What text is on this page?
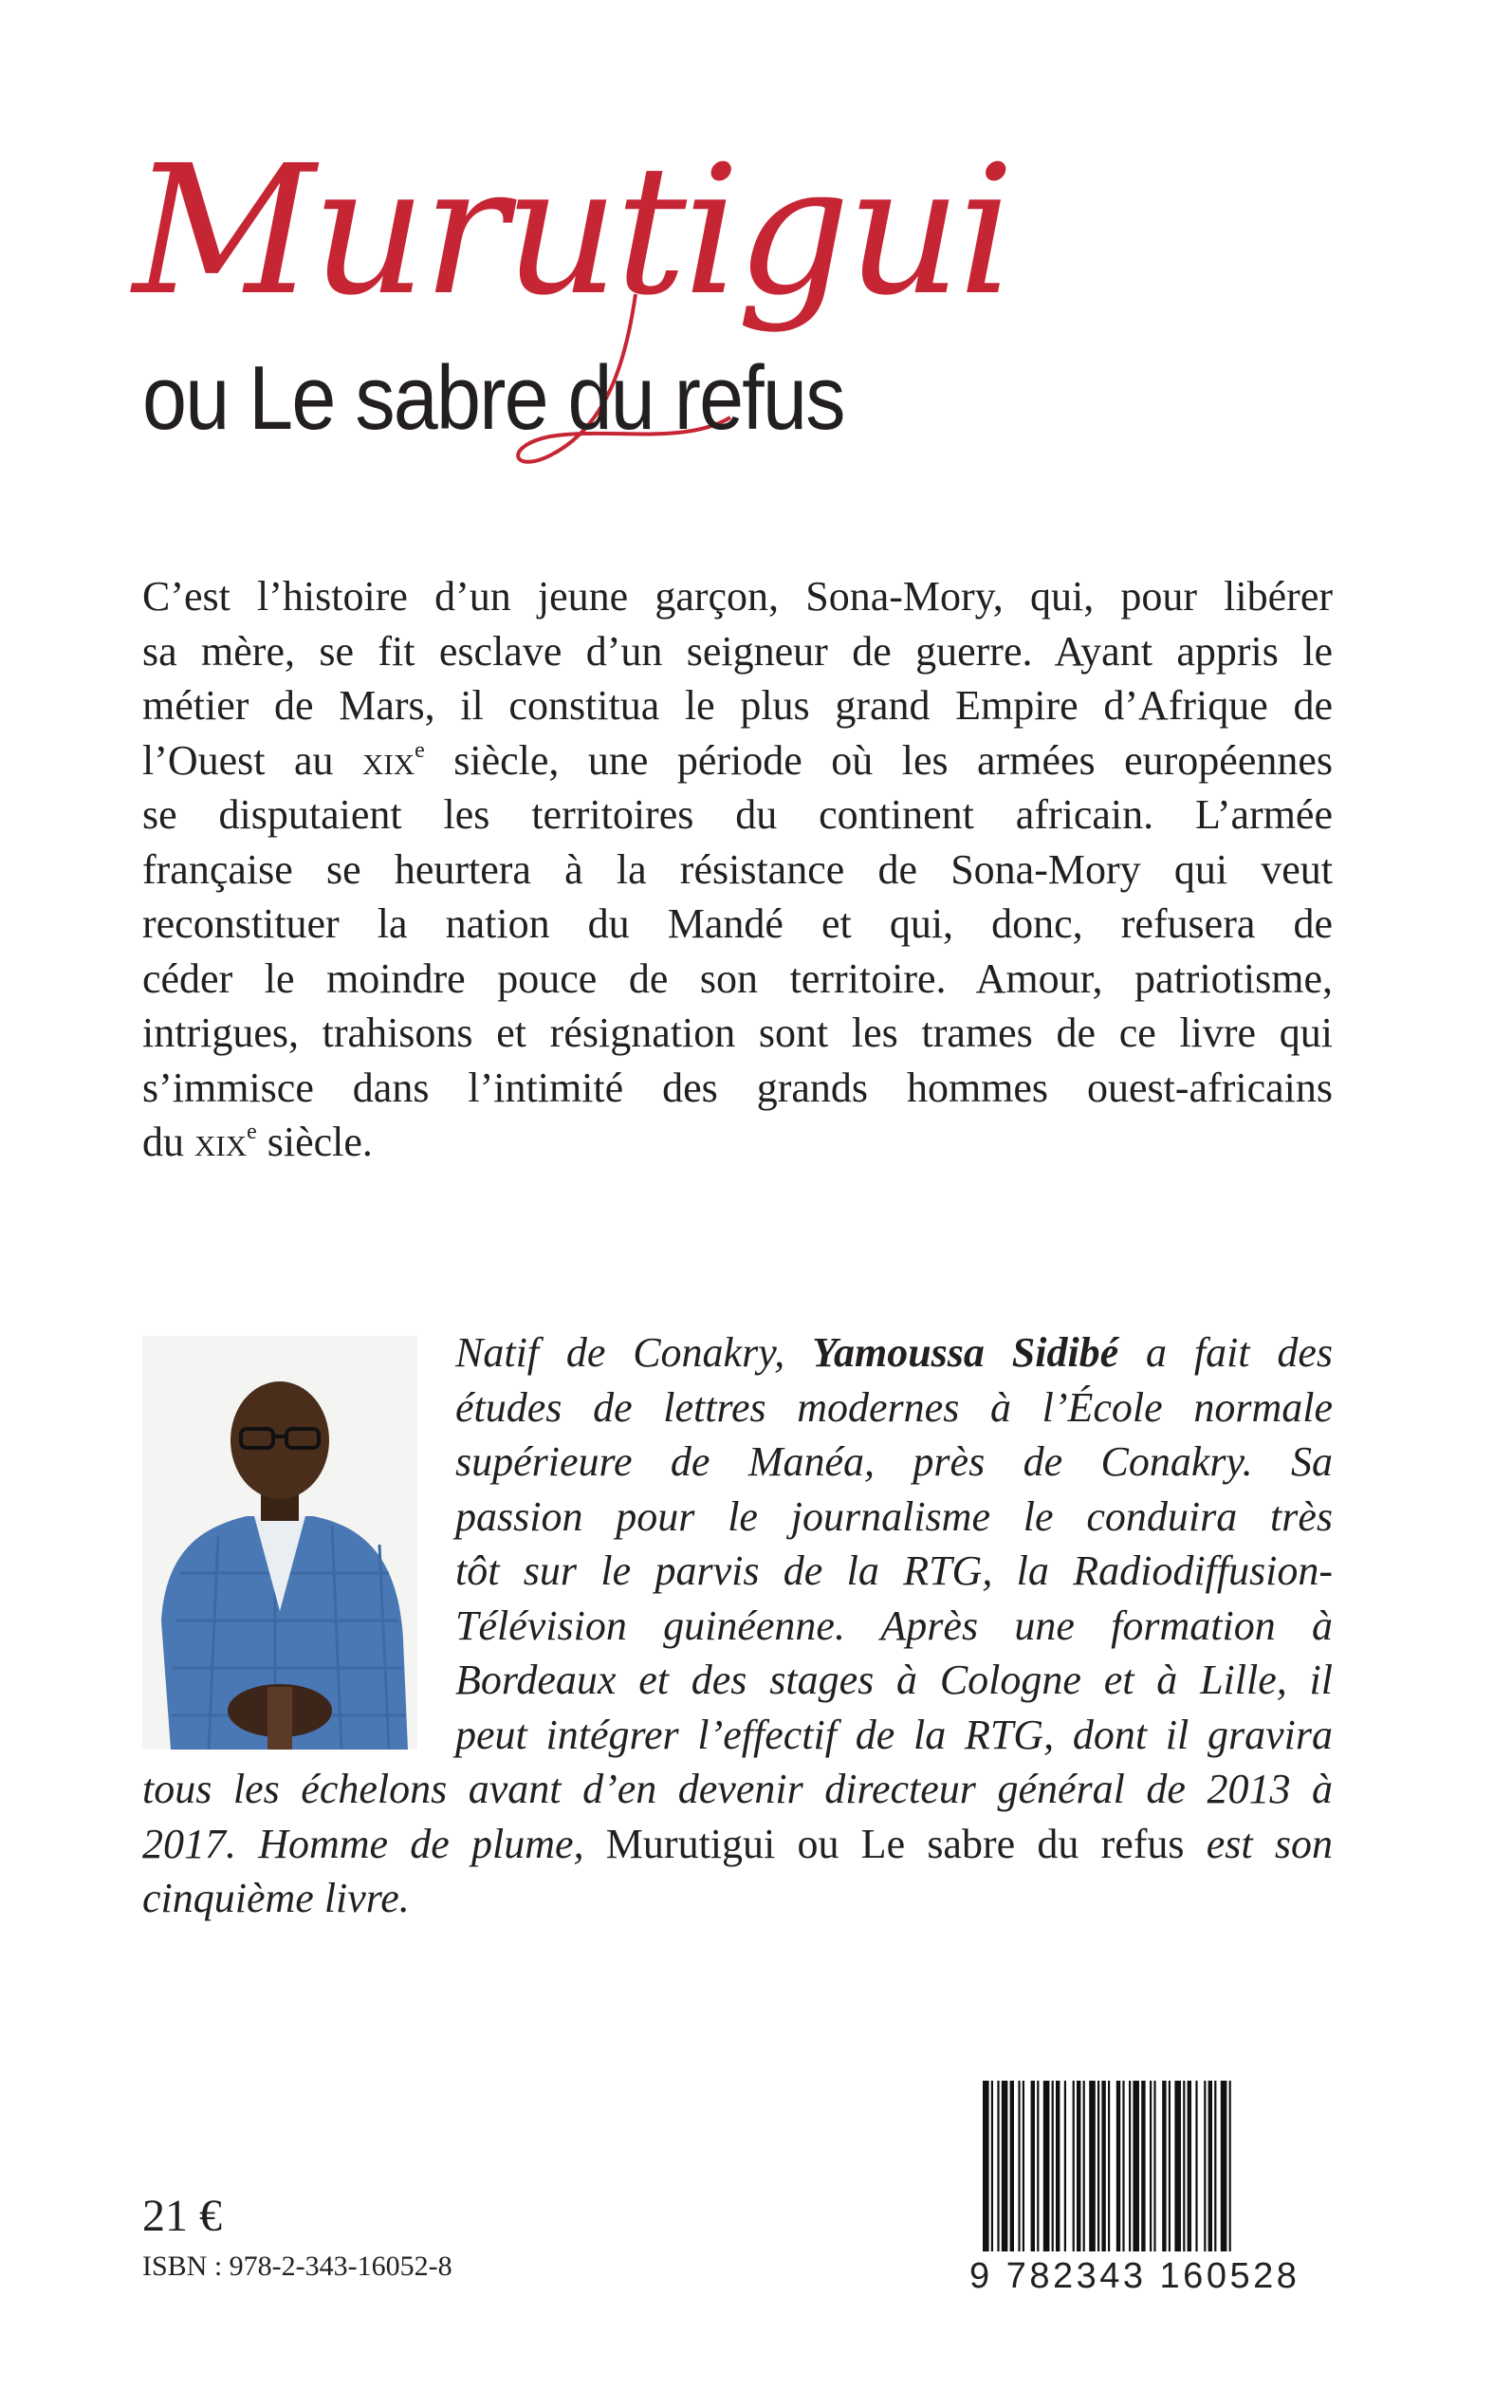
Murutigui
ou Le sabre du refus
C’est l’histoire d’un jeune garçon, Sona-Mory, qui, pour libérer
sa mère, se fit esclave d’un seigneur de guerre. Ayant appris le
métier de Mars, il constitua le plus grand Empire d’Afrique de
l’Ouest au xix$^e$ siècle, une période où les armées européennes
se disputaient les territoires du continent africain. L’armée
française se heurtera à la résistance de Sona-Mory qui veut
reconstituer la nation du Mandé et qui, donc, refusera de
céder le moindre pouce de son territoire. Amour, patriotisme,
intrigues, trahisons et résignation sont les trames de ce livre qui
s’immisce dans l’intimité des grands hommes ouest-africains
du xix$^e$ siècle.
Natif de Conakry, Yamoussa Sidibé a fait des
études de lettres modernes à l’École normale
supérieure de Manéa, près de Conakry. Sa
passion pour le journalisme le conduira très
tôt sur le parvis de la RTG, la Radiodiffusion-
Télévision guinéenne. Après une formation à
Bordeaux et des stages à Cologne et à Lille, il
peut intégrer l’effectif de la RTG, dont il gravira
tous les échelons avant d’en devenir directeur général de 2013 à
2017. Homme de plume, Murutigui ou Le sabre du refus est son
cinquième livre.
21 €
ISBN : 978-2-343-16052-8	9 782343 160528
